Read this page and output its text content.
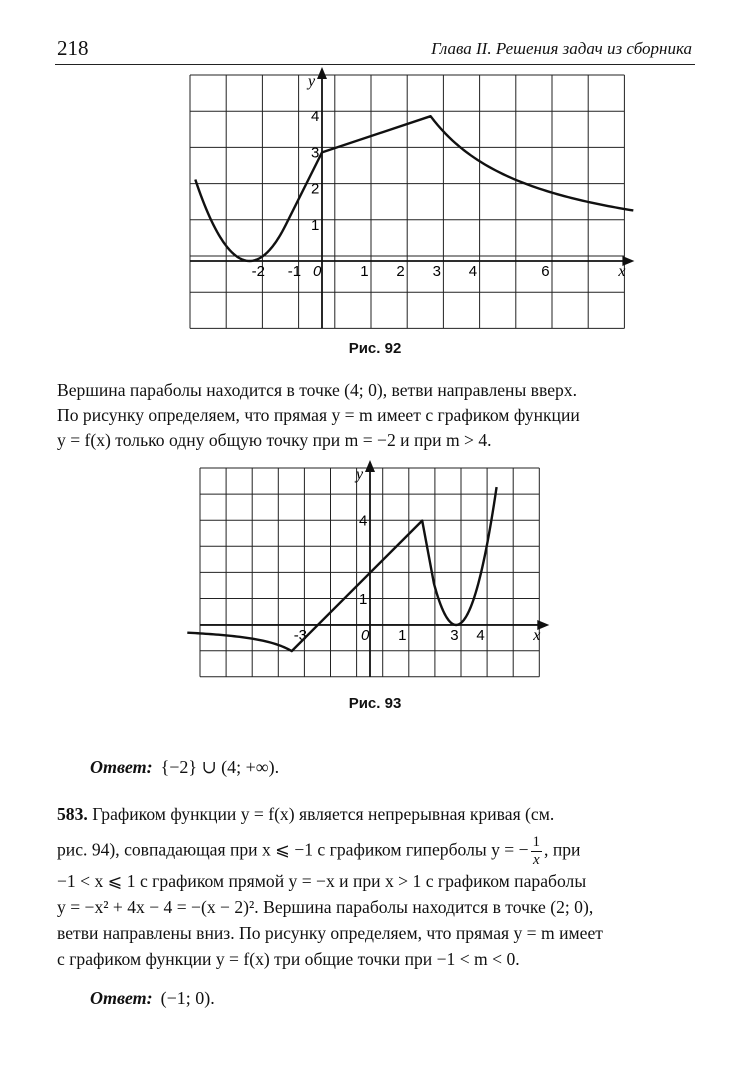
218	Глава II. Решения задач из сборника
x
y
-2 -1 0	1 2 3 4	6
1
2
3
4
Рис. 92

Вершина параболы находится в точке (4; 0), ветви направлены вверх.

По рисунку определяем, что прямая y = m имеет с графиком функции

y = f(x) только одну общую точку при m = −2 и при m > 4.

x
y
-3	0 1	3 4
1
4
Рис. 93
Ответ: {−2} ∪ (4; +∞).

583. Графиком функции y = f(x) является непрерывная кривая (см.

рис. 94), совпадающая при x ⩽ −1 с графиком гиперболы y = − $\frac{1}{x}$ , при

−1 < x ⩽ 1 с графиком прямой y = −x и при x > 1 с графиком параболы

y = −x² + 4x − 4 = −(x − 2)². Вершина параболы находится в точке (2; 0),

ветви направлены вниз. По рисунку определяем, что прямая y = m имеет

с графиком функции y = f(x) три общие точки при −1 < m < 0.

Ответ: (−1; 0).
